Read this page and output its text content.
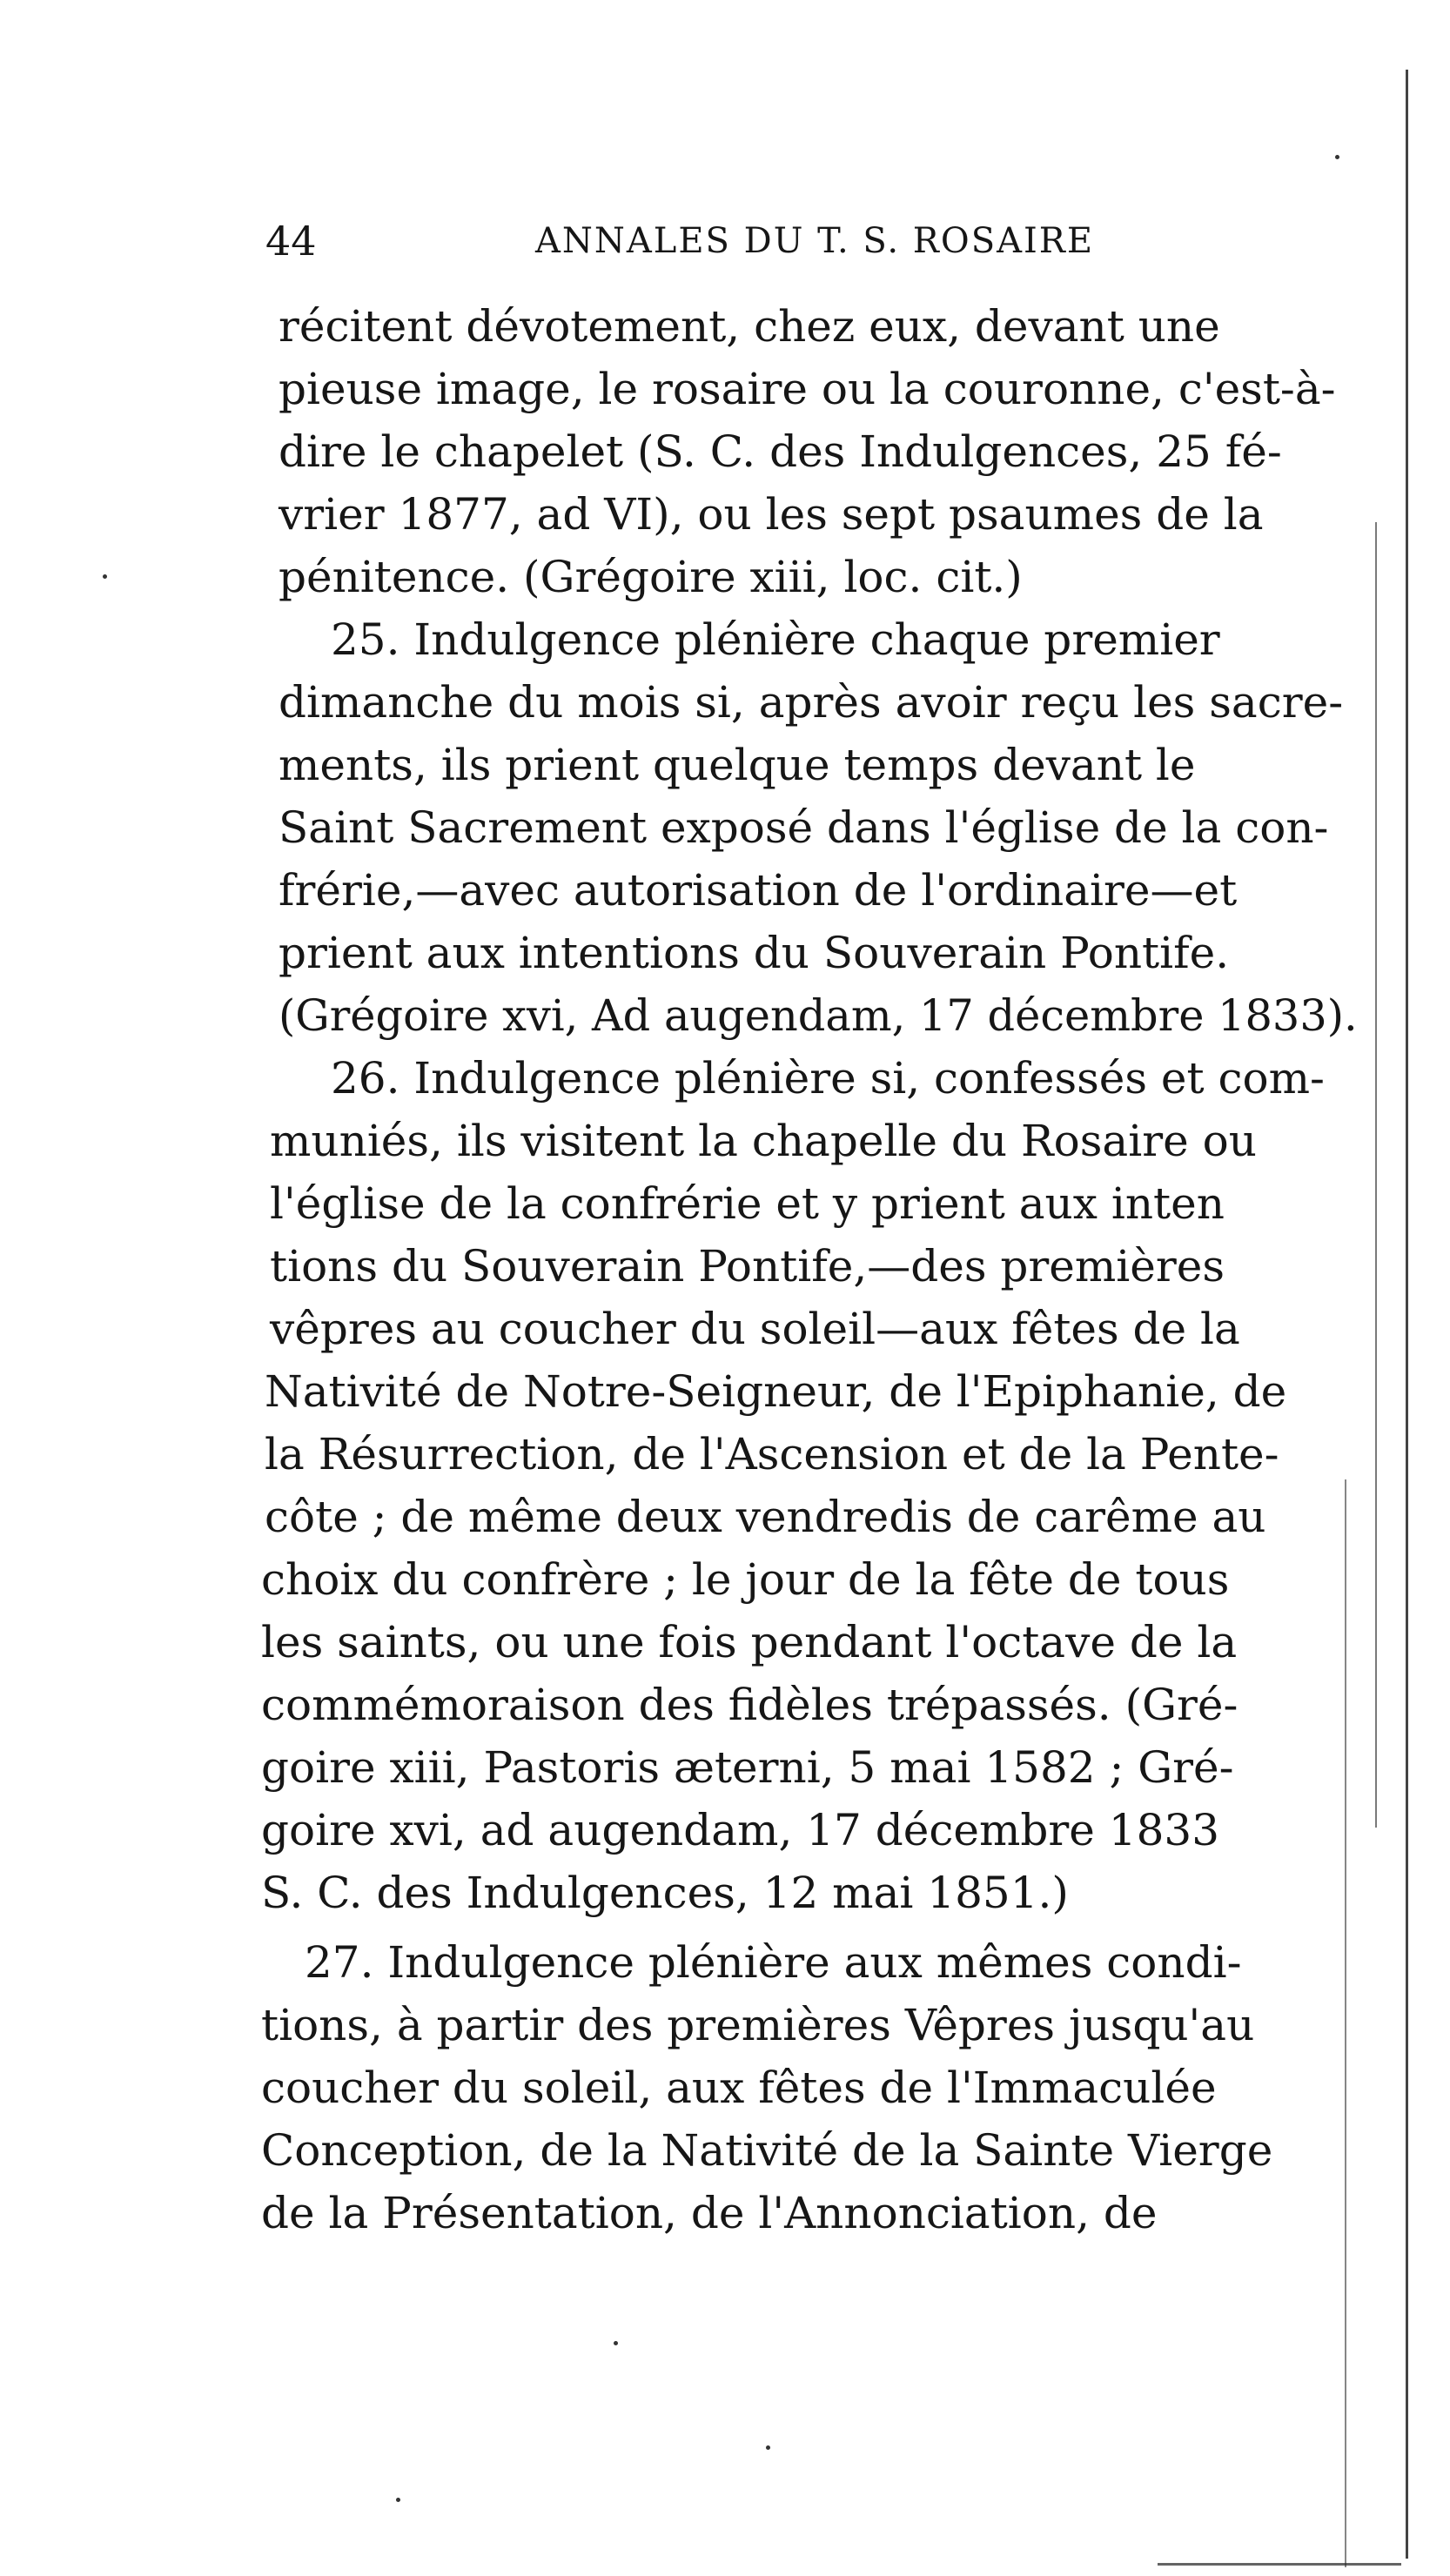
44	ANNALES DU T. S. ROSAIRE
récitent dévotement, chez eux, devant une
pieuse image, le rosaire ou la couronne, c'est-à-
dire le chapelet (S. C. des Indulgences, 25 fé-
vrier 1877, ad VI), ou les sept psaumes de la
pénitence. (Grégoire xiii, loc. cit.)
25. Indulgence plénière chaque premier
dimanche du mois si, après avoir reçu les sacre-
ments, ils prient quelque temps devant le
Saint Sacrement exposé dans l'église de la con-
frérie,—avec autorisation de l'ordinaire—et
prient aux intentions du Souverain Pontife.
(Grégoire xvi, Ad augendam, 17 décembre 1833).
26. Indulgence plénière si, confessés et com-
muniés, ils visitent la chapelle du Rosaire ou
l'église de la confrérie et y prient aux inten
tions du Souverain Pontife,—des premières
vêpres au coucher du soleil—aux fêtes de la
Nativité de Notre-Seigneur, de l'Epiphanie, de
la Résurrection, de l'Ascension et de la Pente-
côte ; de même deux vendredis de carême au
choix du confrère ; le jour de la fête de tous
les saints, ou une fois pendant l'octave de la
commémoraison des fidèles trépassés. (Gré-
goire xiii, Pastoris æterni, 5 mai 1582 ; Gré-
goire xvi, ad augendam, 17 décembre 1833
S. C. des Indulgences, 12 mai 1851.)
27. Indulgence plénière aux mêmes condi-
tions, à partir des premières Vêpres jusqu'au
coucher du soleil, aux fêtes de l'Immaculée
Conception, de la Nativité de la Sainte Vierge
de la Présentation, de l'Annonciation, de
